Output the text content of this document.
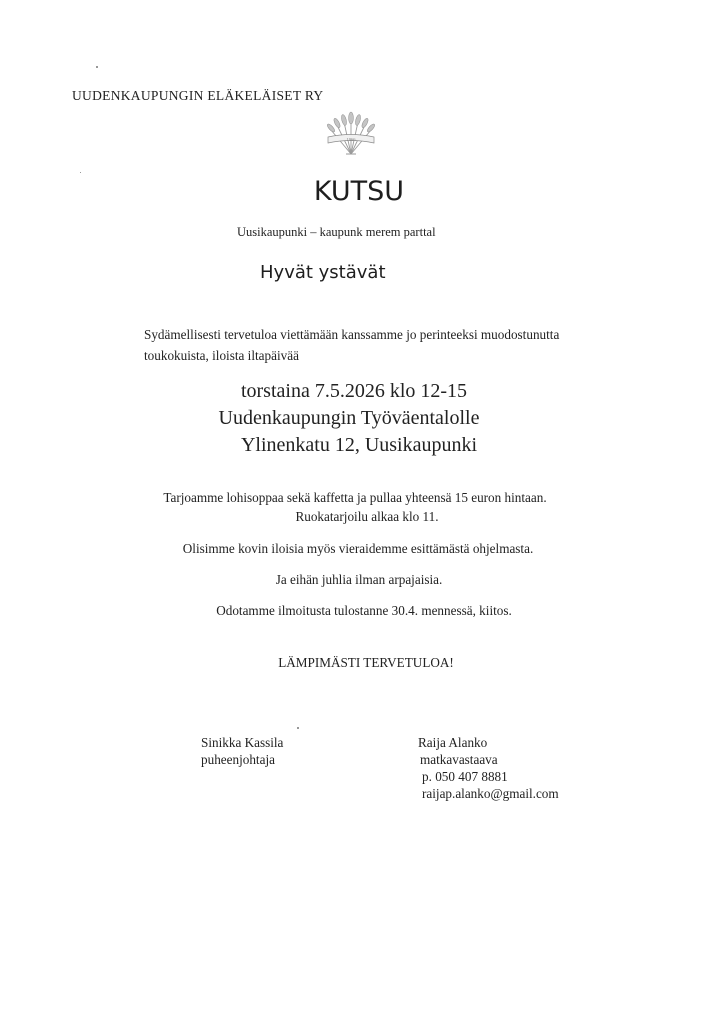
UUDENKAUPUNGIN ELÄKELÄISET RY
1966
KUTSU
Uusikaupunki – kaupunk merem parttal
Hyvät ystävät
Sydämellisesti tervetuloa viettämään kanssamme jo perinteeksi muodostunutta
toukokuista, iloista iltapäivää
torstaina 7.5.2026 klo 12-15
Uudenkaupungin Työväentalolle
Ylinenkatu 12, Uusikaupunki
Tarjoamme lohisoppaa sekä kaffetta ja pullaa yhteensä 15 euron hintaan.
Ruokatarjoilu alkaa klo 11.
Olisimme kovin iloisia myös vieraidemme esittämästä ohjelmasta.
Ja eihän juhlia ilman arpajaisia.
Odotamme ilmoitusta tulostanne 30.4. mennessä, kiitos.
LÄMPIMÄSTI TERVETULOA!
Sinikka Kassila
puheenjohtaja
Raija Alanko
matkavastaava
p. 050 407 8881
raijap.alanko@gmail.com
